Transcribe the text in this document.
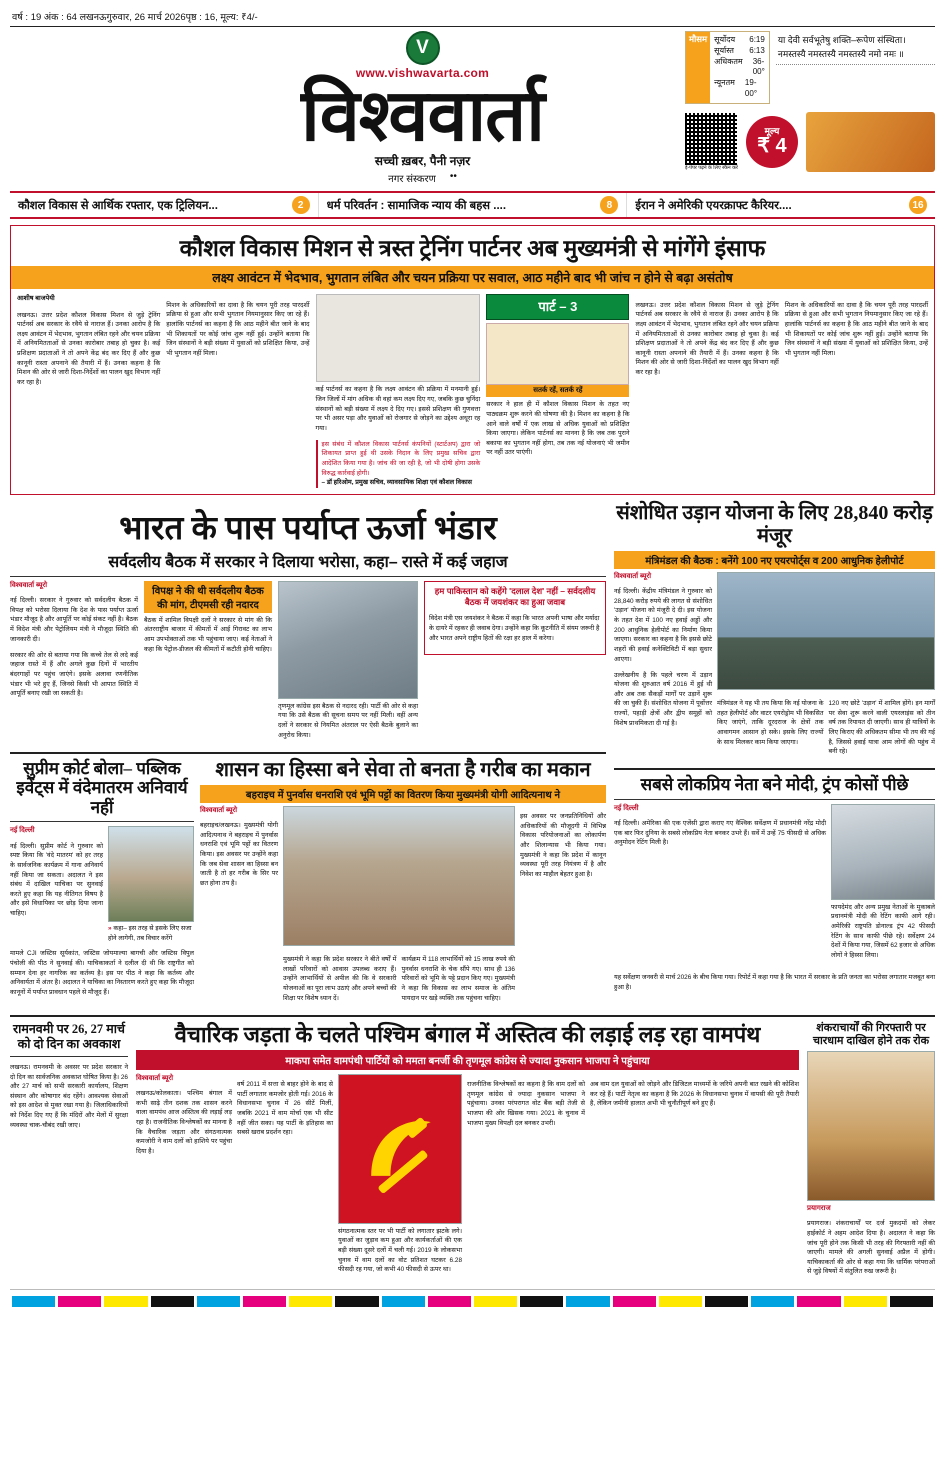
वर्ष : 19 अंक : 64 लखनऊ गुरुवार, 26 मार्च 2026 पृष्ठ : 16, मूल्य: ₹4/-
V
www.vishwavarta.com
विश्ववार्ता
सच्ची ख़बर, पैनी नज़र
नगर संस्करण ••
मौसम सूर्योदय 6:19
सूर्यास्त 6:13
अधिकतम 36-00°
न्यूनतम 19-00°
या देवी सर्वभूतेषु शक्ति–रूपेण संस्थिता। नमस्तस्यै नमस्तस्यै नमस्तस्यै नमो नमः ॥
ई-पेपर पढ़ने के लिए स्कैन करें
मूल्य
₹ 4
कौशल विकास से आर्थिक रफ्तार, एक ट्रिलियन...	2	धर्म परिवर्तन : सामाजिक न्याय की बहस ....	8	ईरान ने अमेरिकी एयरक्राफ्ट कैरियर....	16
कौशल विकास मिशन से त्रस्त ट्रेनिंग पार्टनर अब मुख्यमंत्री से मांगेंगे इंसाफ
लक्ष्य आवंटन में भेदभाव, भुगतान लंबित और चयन प्रक्रिया पर सवाल, आठ महीने बाद भी जांच न होने से बढ़ा असंतोष
आशीष बाजपेयी

लखनऊ। उत्तर प्रदेश कौशल विकास मिशन से जुड़े ट्रेनिंग पार्टनर्स अब सरकार के रवैये से नाराज हैं। उनका आरोप है कि लक्ष्य आवंटन में भेदभाव, भुगतान लंबित रहने और चयन प्रक्रिया में अनियमितताओं से उनका कारोबार तबाह हो चुका है। कई प्रशिक्षण प्रदाताओं ने तो अपने केंद्र बंद कर दिए हैं और कुछ कानूनी रास्ता अपनाने की तैयारी में हैं। उनका कहना है कि मिशन की ओर से जारी दिशा-निर्देशों का पालन खुद विभाग नहीं कर रहा है।

मिशन के अधिकारियों का दावा है कि चयन पूरी तरह पारदर्शी प्रक्रिया से हुआ और सभी भुगतान नियमानुसार किए जा रहे हैं। हालांकि पार्टनर्स का कहना है कि आठ महीने बीत जाने के बाद भी शिकायतों पर कोई जांच शुरू नहीं हुई। उन्होंने बताया कि जिन संस्थानों ने बड़ी संख्या में युवाओं को प्रशिक्षित किया, उन्हें भी भुगतान नहीं मिला।

कई पार्टनर्स का कहना है कि लक्ष्य आवंटन की प्रक्रिया में मनमानी हुई। जिन जिलों में मांग अधिक थी वहां कम लक्ष्य दिए गए, जबकि कुछ चुनिंदा संस्थानों को बड़ी संख्या में लक्ष्य दे दिए गए। इससे प्रशिक्षण की गुणवत्ता पर भी असर पड़ा और युवाओं को रोजगार से जोड़ने का उद्देश्य अधूरा रह गया।

इस संबंध में कौशल विकास पार्टनर्स कंपनियों (स्टार्टअप) द्वारा जो शिकायत प्राप्त हुई थी उसके निदान के लिए प्रमुख सचिव द्वारा आदेशित किया गया है। जांच की जा रही है, जो भी दोषी होगा उसके विरुद्ध कार्रवाई होगी।
– डॉ हरिओम, प्रमुख सचिव, व्यावसायिक शिक्षा एवं कौशल विकास
पार्ट – 3
सतर्क रहें, सतर्क रहें

सरकार ने हाल ही में कौशल विकास मिशन के तहत नए पाठ्यक्रम शुरू करने की घोषणा की है। मिशन का कहना है कि आने वाले वर्षों में एक लाख से अधिक युवाओं को प्रशिक्षित किया जाएगा। लेकिन पार्टनर्स का मानना है कि जब तक पुराने बकाया का भुगतान नहीं होगा, तब तक नई योजनाएं भी जमीन पर नहीं उतर पाएंगी।

लखनऊ। उत्तर प्रदेश कौशल विकास मिशन से जुड़े ट्रेनिंग पार्टनर्स अब सरकार के रवैये से नाराज हैं। उनका आरोप है कि लक्ष्य आवंटन में भेदभाव, भुगतान लंबित रहने और चयन प्रक्रिया में अनियमितताओं से उनका कारोबार तबाह हो चुका है। कई प्रशिक्षण प्रदाताओं ने तो अपने केंद्र बंद कर दिए हैं और कुछ कानूनी रास्ता अपनाने की तैयारी में हैं। उनका कहना है कि मिशन की ओर से जारी दिशा-निर्देशों का पालन खुद विभाग नहीं कर रहा है।

मिशन के अधिकारियों का दावा है कि चयन पूरी तरह पारदर्शी प्रक्रिया से हुआ और सभी भुगतान नियमानुसार किए जा रहे हैं। हालांकि पार्टनर्स का कहना है कि आठ महीने बीत जाने के बाद भी शिकायतों पर कोई जांच शुरू नहीं हुई। उन्होंने बताया कि जिन संस्थानों ने बड़ी संख्या में युवाओं को प्रशिक्षित किया, उन्हें भी भुगतान नहीं मिला।

भारत के पास पर्याप्त ऊर्जा भंडार
सर्वदलीय बैठक में सरकार ने दिलाया भरोसा, कहा– रास्ते में कई जहाज
विश्ववार्ता ब्यूरो

नई दिल्ली। सरकार ने गुरुवार को सर्वदलीय बैठक में विपक्ष को भरोसा दिलाया कि देश के पास पर्याप्त ऊर्जा भंडार मौजूद है और आपूर्ति पर कोई संकट नहीं है। बैठक में विदेश मंत्री और पेट्रोलियम मंत्री ने मौजूदा स्थिति की जानकारी दी।

सरकार की ओर से बताया गया कि कच्चे तेल से लदे कई जहाज रास्ते में हैं और अगले कुछ दिनों में भारतीय बंदरगाहों पर पहुंच जाएंगे। इसके अलावा रणनीतिक भंडार भी भरे हुए हैं, जिनसे किसी भी आपात स्थिति में आपूर्ति बनाए रखी जा सकती है।

विपक्ष ने की थी सर्वदलीय बैठक की मांग, टीएमसी रही नदारद

बैठक में शामिल विपक्षी दलों ने सरकार से मांग की कि अंतरराष्ट्रीय बाजार में कीमतों में आई गिरावट का लाभ आम उपभोक्ताओं तक भी पहुंचाया जाए। कई नेताओं ने कहा कि पेट्रोल-डीजल की कीमतों में कटौती होनी चाहिए।

तृणमूल कांग्रेस इस बैठक से नदारद रही। पार्टी की ओर से कहा गया कि उसे बैठक की सूचना समय पर नहीं मिली। वहीं अन्य दलों ने सरकार से नियमित अंतराल पर ऐसी बैठकें बुलाने का अनुरोध किया।

हम पाकिस्तान को कहेंगे 'दलाल देश' नहीं – सर्वदलीय बैठक में जयशंकर का हुआ जवाब

विदेश मंत्री एस जयशंकर ने बैठक में कहा कि भारत अपनी भाषा और मर्यादा के दायरे में रहकर ही जवाब देगा। उन्होंने कहा कि कूटनीति में संयम जरूरी है और भारत अपने राष्ट्रीय हितों की रक्षा हर हाल में करेगा।

सुप्रीम कोर्ट बोला– पब्लिक इवेंट्स में वंदेमातरम अनिवार्य नहीं
नई दिल्ली

नई दिल्ली। सुप्रीम कोर्ट ने गुरुवार को स्पष्ट किया कि 'वंदे मातरम' को हर तरह के सार्वजनिक कार्यक्रम में गाना अनिवार्य नहीं किया जा सकता। अदालत ने इस संबंध में दाखिल याचिका पर सुनवाई करते हुए कहा कि यह नीतिगत विषय है और इसे विधायिका पर छोड़ दिया जाना चाहिए।

» कहा– इस तरह से इसके लिए सजा होने लागेगी, तब विचार करेंगे

मामले CJI जस्टिस सूर्यकांत, जस्टिस जोयमाल्या बागची और जस्टिस विपुल पंचोली की पीठ ने सुनवाई की। याचिकाकर्ता ने दलील दी थी कि राष्ट्रगीत को सम्मान देना हर नागरिक का कर्तव्य है। इस पर पीठ ने कहा कि कर्तव्य और अनिवार्यता में अंतर है। अदालत ने याचिका का निस्तारण करते हुए कहा कि मौजूदा कानूनों में पर्याप्त प्रावधान पहले से मौजूद हैं।

शासन का हिस्सा बने सेवा तो बनता है गरीब का मकान
बहराइच में पुनर्वास धनराशि एवं भूमि पट्टों का वितरण किया मुख्यमंत्री योगी आदित्यनाथ ने
विश्ववार्ता ब्यूरो

बहराइच/लखनऊ। मुख्यमंत्री योगी आदित्यनाथ ने बहराइच में पुनर्वास धनराशि एवं भूमि पट्टों का वितरण किया। इस अवसर पर उन्होंने कहा कि जब सेवा शासन का हिस्सा बन जाती है तो हर गरीब के सिर पर छत होना तय है।

मुख्यमंत्री ने कहा कि प्रदेश सरकार ने बीते वर्षों में लाखों परिवारों को आवास उपलब्ध कराए हैं। उन्होंने लाभार्थियों से अपील की कि वे सरकारी योजनाओं का पूरा लाभ उठाएं और अपने बच्चों की शिक्षा पर विशेष ध्यान दें।

कार्यक्रम में 118 लाभार्थियों को 15 लाख रुपये की पुनर्वास धनराशि के चेक सौंपे गए। साथ ही 136 परिवारों को भूमि के पट्टे प्रदान किए गए। मुख्यमंत्री ने कहा कि विकास का लाभ समाज के अंतिम पायदान पर खड़े व्यक्ति तक पहुंचना चाहिए।

इस अवसर पर जनप्रतिनिधियों और अधिकारियों की मौजूदगी में विभिन्न विकास परियोजनाओं का लोकार्पण और शिलान्यास भी किया गया। मुख्यमंत्री ने कहा कि प्रदेश में कानून व्यवस्था पूरी तरह नियंत्रण में है और निवेश का माहौल बेहतर हुआ है।

संशोधित उड़ान योजना के लिए 28,840 करोड़ मंजूर
मंत्रिमंडल की बैठक : बनेंगे 100 नए एयरपोर्ट्स व 200 आधुनिक हेलीपोर्ट
विश्ववार्ता ब्यूरो

नई दिल्ली। केंद्रीय मंत्रिमंडल ने गुरुवार को 28,840 करोड़ रुपये की लागत से संशोधित 'उड़ान' योजना को मंजूरी दे दी। इस योजना के तहत देश में 100 नए हवाई अड्डों और 200 आधुनिक हेलीपोर्ट का निर्माण किया जाएगा। सरकार का कहना है कि इससे छोटे शहरों की हवाई कनेक्टिविटी में बड़ा सुधार आएगा।

उल्लेखनीय है कि पहले चरण में उड़ान योजना की शुरुआत वर्ष 2016 में हुई थी और अब तक सैकड़ों मार्गों पर उड़ानें शुरू की जा चुकी हैं। संशोधित योजना में पूर्वोत्तर राज्यों, पहाड़ी क्षेत्रों और द्वीप समूहों को विशेष प्राथमिकता दी गई है।

मंत्रिमंडल ने यह भी तय किया कि नई योजना के तहत हेलीपोर्ट और वाटर एयरोड्रोम भी विकसित किए जाएंगे, ताकि दूरदराज के क्षेत्रों तक आवागमन आसान हो सके। इसके लिए राज्यों के साथ मिलकर काम किया जाएगा।

120 नए छोटे 'उड़ान' में शामिल होंगे। इन मार्गों पर सेवा शुरू करने वाली एयरलाइंस को तीन वर्ष तक रियायत दी जाएगी। साथ ही यात्रियों के लिए किराए की अधिकतम सीमा भी तय की गई है, जिससे हवाई यात्रा आम लोगों की पहुंच में बनी रहे।

सबसे लोकप्रिय नेता बने मोदी, ट्रंप कोसों पीछे
नई दिल्ली

नई दिल्ली। अमेरिका की एक एजेंसी द्वारा कराए गए वैश्विक सर्वेक्षण में प्रधानमंत्री नरेंद्र मोदी एक बार फिर दुनिया के सबसे लोकप्रिय नेता बनकर उभरे हैं। सर्वे में उन्हें 75 फीसदी से अधिक अनुमोदन रेटिंग मिली है।

फायदेमंद और अन्य प्रमुख नेताओं के मुकाबले प्रधानमंत्री मोदी की रेटिंग काफी आगे रही। अमेरिकी राष्ट्रपति डोनाल्ड ट्रंप 42 फीसदी रेटिंग के साथ काफी पीछे रहे। सर्वेक्षण 24 देशों में किया गया, जिसमें 62 हजार से अधिक लोगों ने हिस्सा लिया।

यह सर्वेक्षण जनवरी से मार्च 2026 के बीच किया गया। रिपोर्ट में कहा गया है कि भारत में सरकार के प्रति जनता का भरोसा लगातार मजबूत बना हुआ है।

रामनवमी पर 26, 27 मार्च को दो दिन का अवकाश

लखनऊ। रामनवमी के अवसर पर प्रदेश सरकार ने दो दिन का सार्वजनिक अवकाश घोषित किया है। 26 और 27 मार्च को सभी सरकारी कार्यालय, शिक्षण संस्थान और कोषागार बंद रहेंगे। आवश्यक सेवाओं को इस आदेश से मुक्त रखा गया है। जिलाधिकारियों को निर्देश दिए गए हैं कि मंदिरों और मेलों में सुरक्षा व्यवस्था चाक-चौबंद रखी जाए।

वैचारिक जड़ता के चलते पश्चिम बंगाल में अस्तित्व की लड़ाई लड़ रहा वामपंथ
माकपा समेत वामपंथी पार्टियों को ममता बनर्जी की तृणमूल कांग्रेस से ज्यादा नुकसान भाजपा ने पहुंचाया
विश्ववार्ता ब्यूरो

लखनऊ/कोलकाता। पश्चिम बंगाल में कभी साढ़े तीन दशक तक शासन करने वाला वामपंथ आज अस्तित्व की लड़ाई लड़ रहा है। राजनीतिक विश्लेषकों का मानना है कि वैचारिक जड़ता और संगठनात्मक कमजोरी ने वाम दलों को हाशिये पर पहुंचा दिया है।

वर्ष 2011 में सत्ता से बाहर होने के बाद से पार्टी लगातार कमजोर होती गई। 2016 के विधानसभा चुनाव में 26 सीटें मिलीं, जबकि 2021 में वाम मोर्चा एक भी सीट नहीं जीत सका। यह पार्टी के इतिहास का सबसे खराब प्रदर्शन रहा।

संगठनात्मक स्तर पर भी पार्टी को लगातार झटके लगे। युवाओं का जुड़ाव कम हुआ और कार्यकर्ताओं की एक बड़ी संख्या दूसरे दलों में चली गई। 2019 के लोकसभा चुनाव में वाम दलों का वोट प्रतिशत घटकर 6.28 फीसदी रह गया, जो कभी 40 फीसदी से ऊपर था।

राजनीतिक विश्लेषकों का कहना है कि वाम दलों को तृणमूल कांग्रेस से ज्यादा नुकसान भाजपा ने पहुंचाया। उनका परंपरागत वोट बैंक बड़ी तेजी से भाजपा की ओर खिसक गया। 2021 के चुनाव में भाजपा मुख्य विपक्षी दल बनकर उभरी।

अब वाम दल युवाओं को जोड़ने और डिजिटल माध्यमों के जरिये अपनी बात रखने की कोशिश कर रहे हैं। पार्टी नेतृत्व का कहना है कि 2026 के विधानसभा चुनाव में वापसी की पूरी तैयारी है, लेकिन जमीनी हालात अभी भी चुनौतीपूर्ण बने हुए हैं।

शंकराचार्यों की गिरफ्तारी पर चारधाम दाखिल होने तक रोक
प्रयागराज

प्रयागराज। शंकराचार्यों पर दर्ज मुकदमों को लेकर हाईकोर्ट ने अहम आदेश दिया है। अदालत ने कहा कि जांच पूरी होने तक किसी भी तरह की गिरफ्तारी नहीं की जाएगी। मामले की अगली सुनवाई अप्रैल में होगी। याचिकाकर्ता की ओर से कहा गया कि धार्मिक परंपराओं से जुड़े विषयों में संतुलित रुख जरूरी है।
